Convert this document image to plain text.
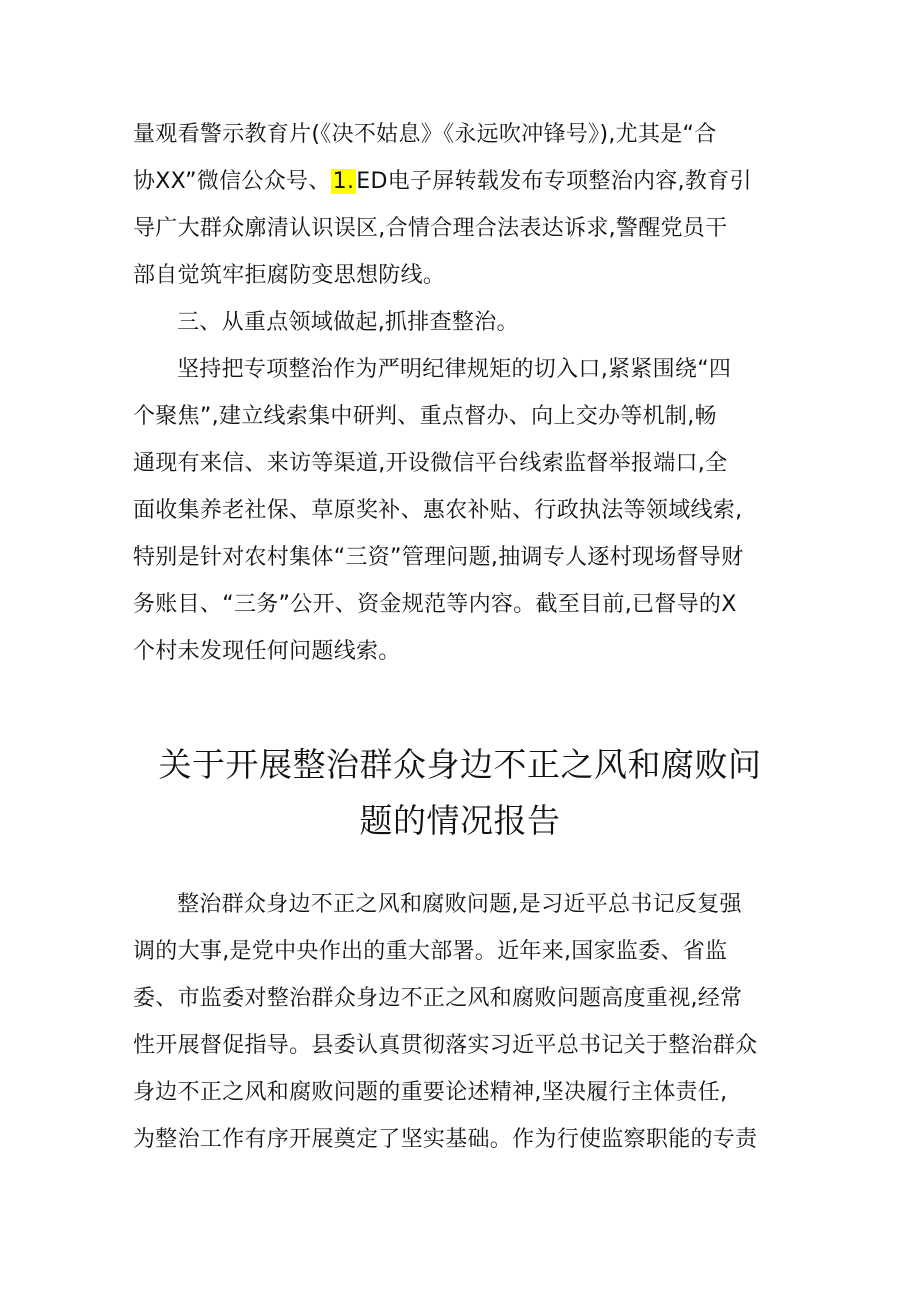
量观看警示教育片(《决不姑息》《永远吹冲锋号》),尤其是“合
协XX”微信公众号、1.ED电子屏转载发布专项整治内容,教育引
导广大群众廓清认识误区,合情合理合法表达诉求,警醒党员干
部自觉筑牢拒腐防变思想防线。
三、从重点领域做起,抓排查整治。
坚持把专项整治作为严明纪律规矩的切入口,紧紧围绕“四
个聚焦”,建立线索集中研判、重点督办、向上交办等机制,畅
通现有来信、来访等渠道,开设微信平台线索监督举报端口,全
面收集养老社保、草原奖补、惠农补贴、行政执法等领域线索,
特别是针对农村集体“三资”管理问题,抽调专人逐村现场督导财
务账目、“三务”公开、资金规范等内容。截至目前,已督导的X
个村未发现任何问题线索。
关于开展整治群众身边不正之风和腐败问
题的情况报告
整治群众身边不正之风和腐败问题,是习近平总书记反复强
调的大事,是党中央作出的重大部署。近年来,国家监委、省监
委、市监委对整治群众身边不正之风和腐败问题高度重视,经常
性开展督促指导。县委认真贯彻落实习近平总书记关于整治群众
身边不正之风和腐败问题的重要论述精神,坚决履行主体责任,
为整治工作有序开展奠定了坚实基础。作为行使监察职能的专责
